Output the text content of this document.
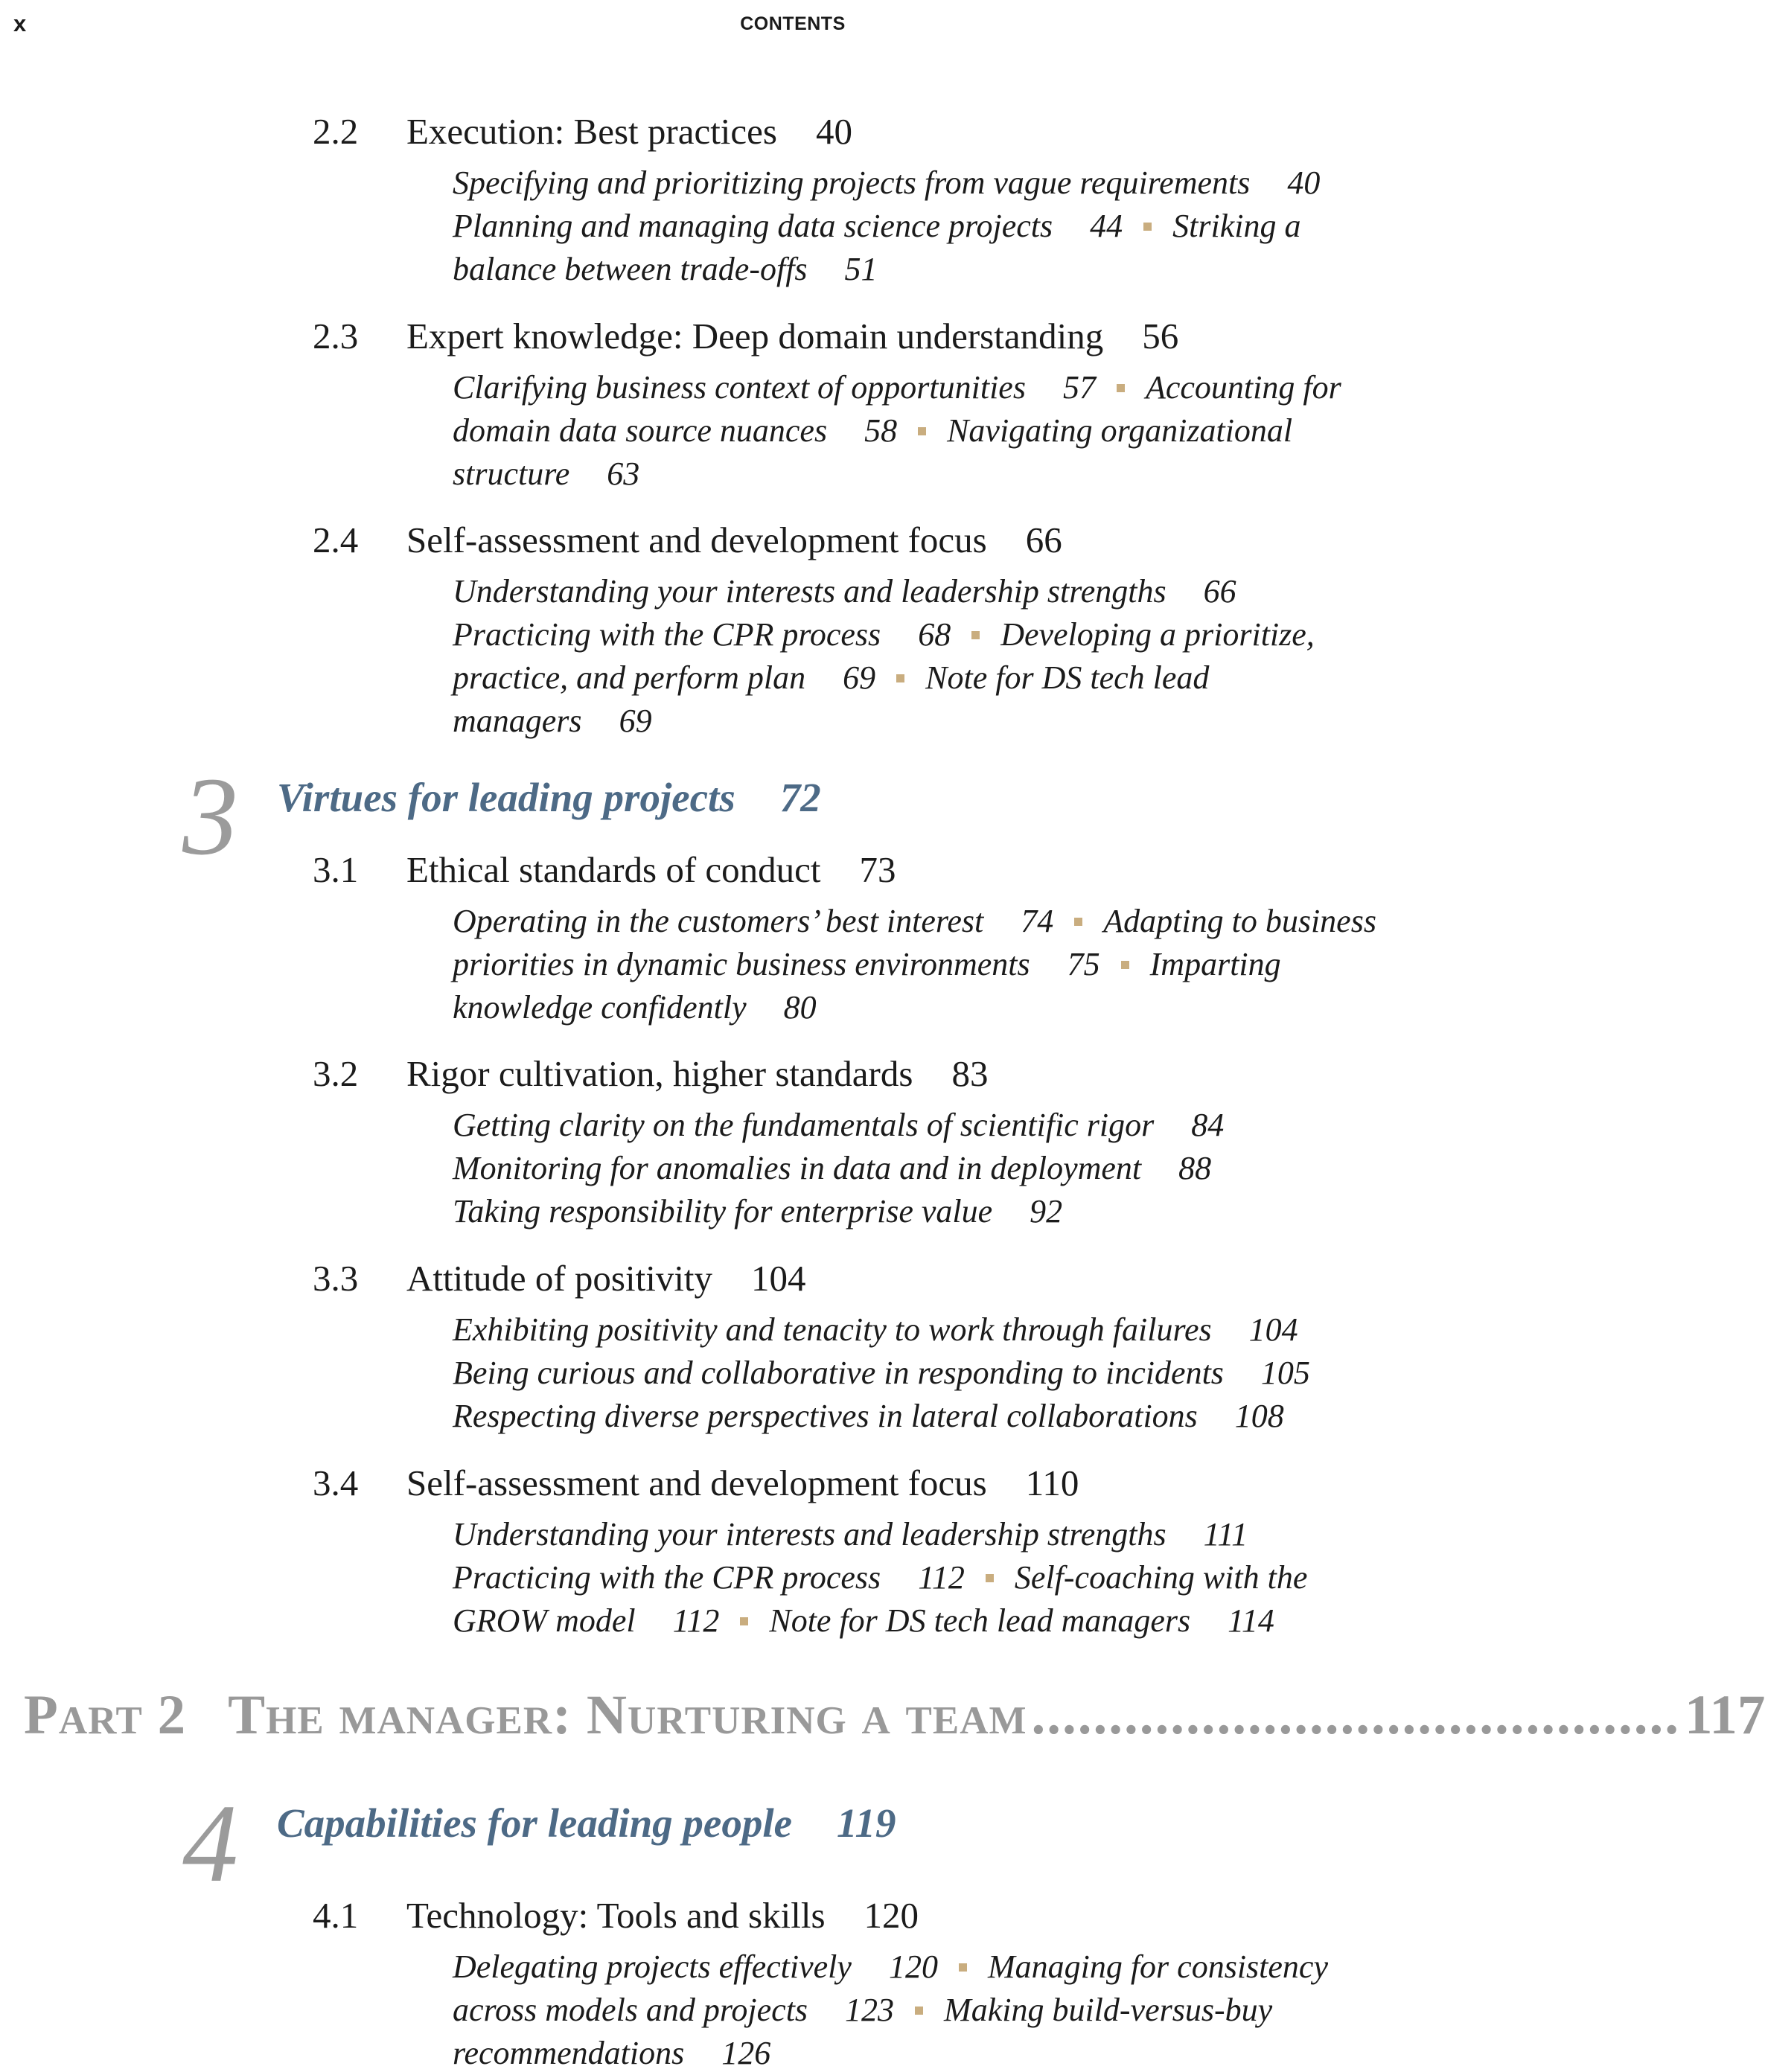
x	CONTENTS
2.2 Execution: Best practices 40
Specifying and prioritizing projects from vague requirements 40
Planning and managing data science projects 44 Striking a
balance between trade-offs 51
2.3 Expert knowledge: Deep domain understanding 56
Clarifying business context of opportunities 57 Accounting for
domain data source nuances 58 Navigating organizational
structure 63
2.4 Self-assessment and development focus 66
Understanding your interests and leadership strengths 66
Practicing with the CPR process 68 Developing a prioritize,
practice, and perform plan 69 Note for DS tech lead
managers 69
3.1 Ethical standards of conduct 73
Operating in the customers’ best interest 74 Adapting to business
priorities in dynamic business environments 75 Imparting
knowledge confidently 80
3.2 Rigor cultivation, higher standards 83
Getting clarity on the fundamentals of scientific rigor 84
Monitoring for anomalies in data and in deployment 88
Taking responsibility for enterprise value 92
3.3 Attitude of positivity 104
Exhibiting positivity and tenacity to work through failures 104
Being curious and collaborative in responding to incidents 105
Respecting diverse perspectives in lateral collaborations 108
3.4 Self-assessment and development focus 110
Understanding your interests and leadership strengths 111
Practicing with the CPR process 112 Self-coaching with the
GROW model 112 Note for DS tech lead managers 114
4.1 Technology: Tools and skills 120
Delegating projects effectively 120 Managing for consistency
across models and projects 123 Making build-versus-buy
recommendations 126
3 Virtues for leading projects 72
Part 2 The manager: Nurturing a team .......................................... 117
4 Capabilities for leading people 119
